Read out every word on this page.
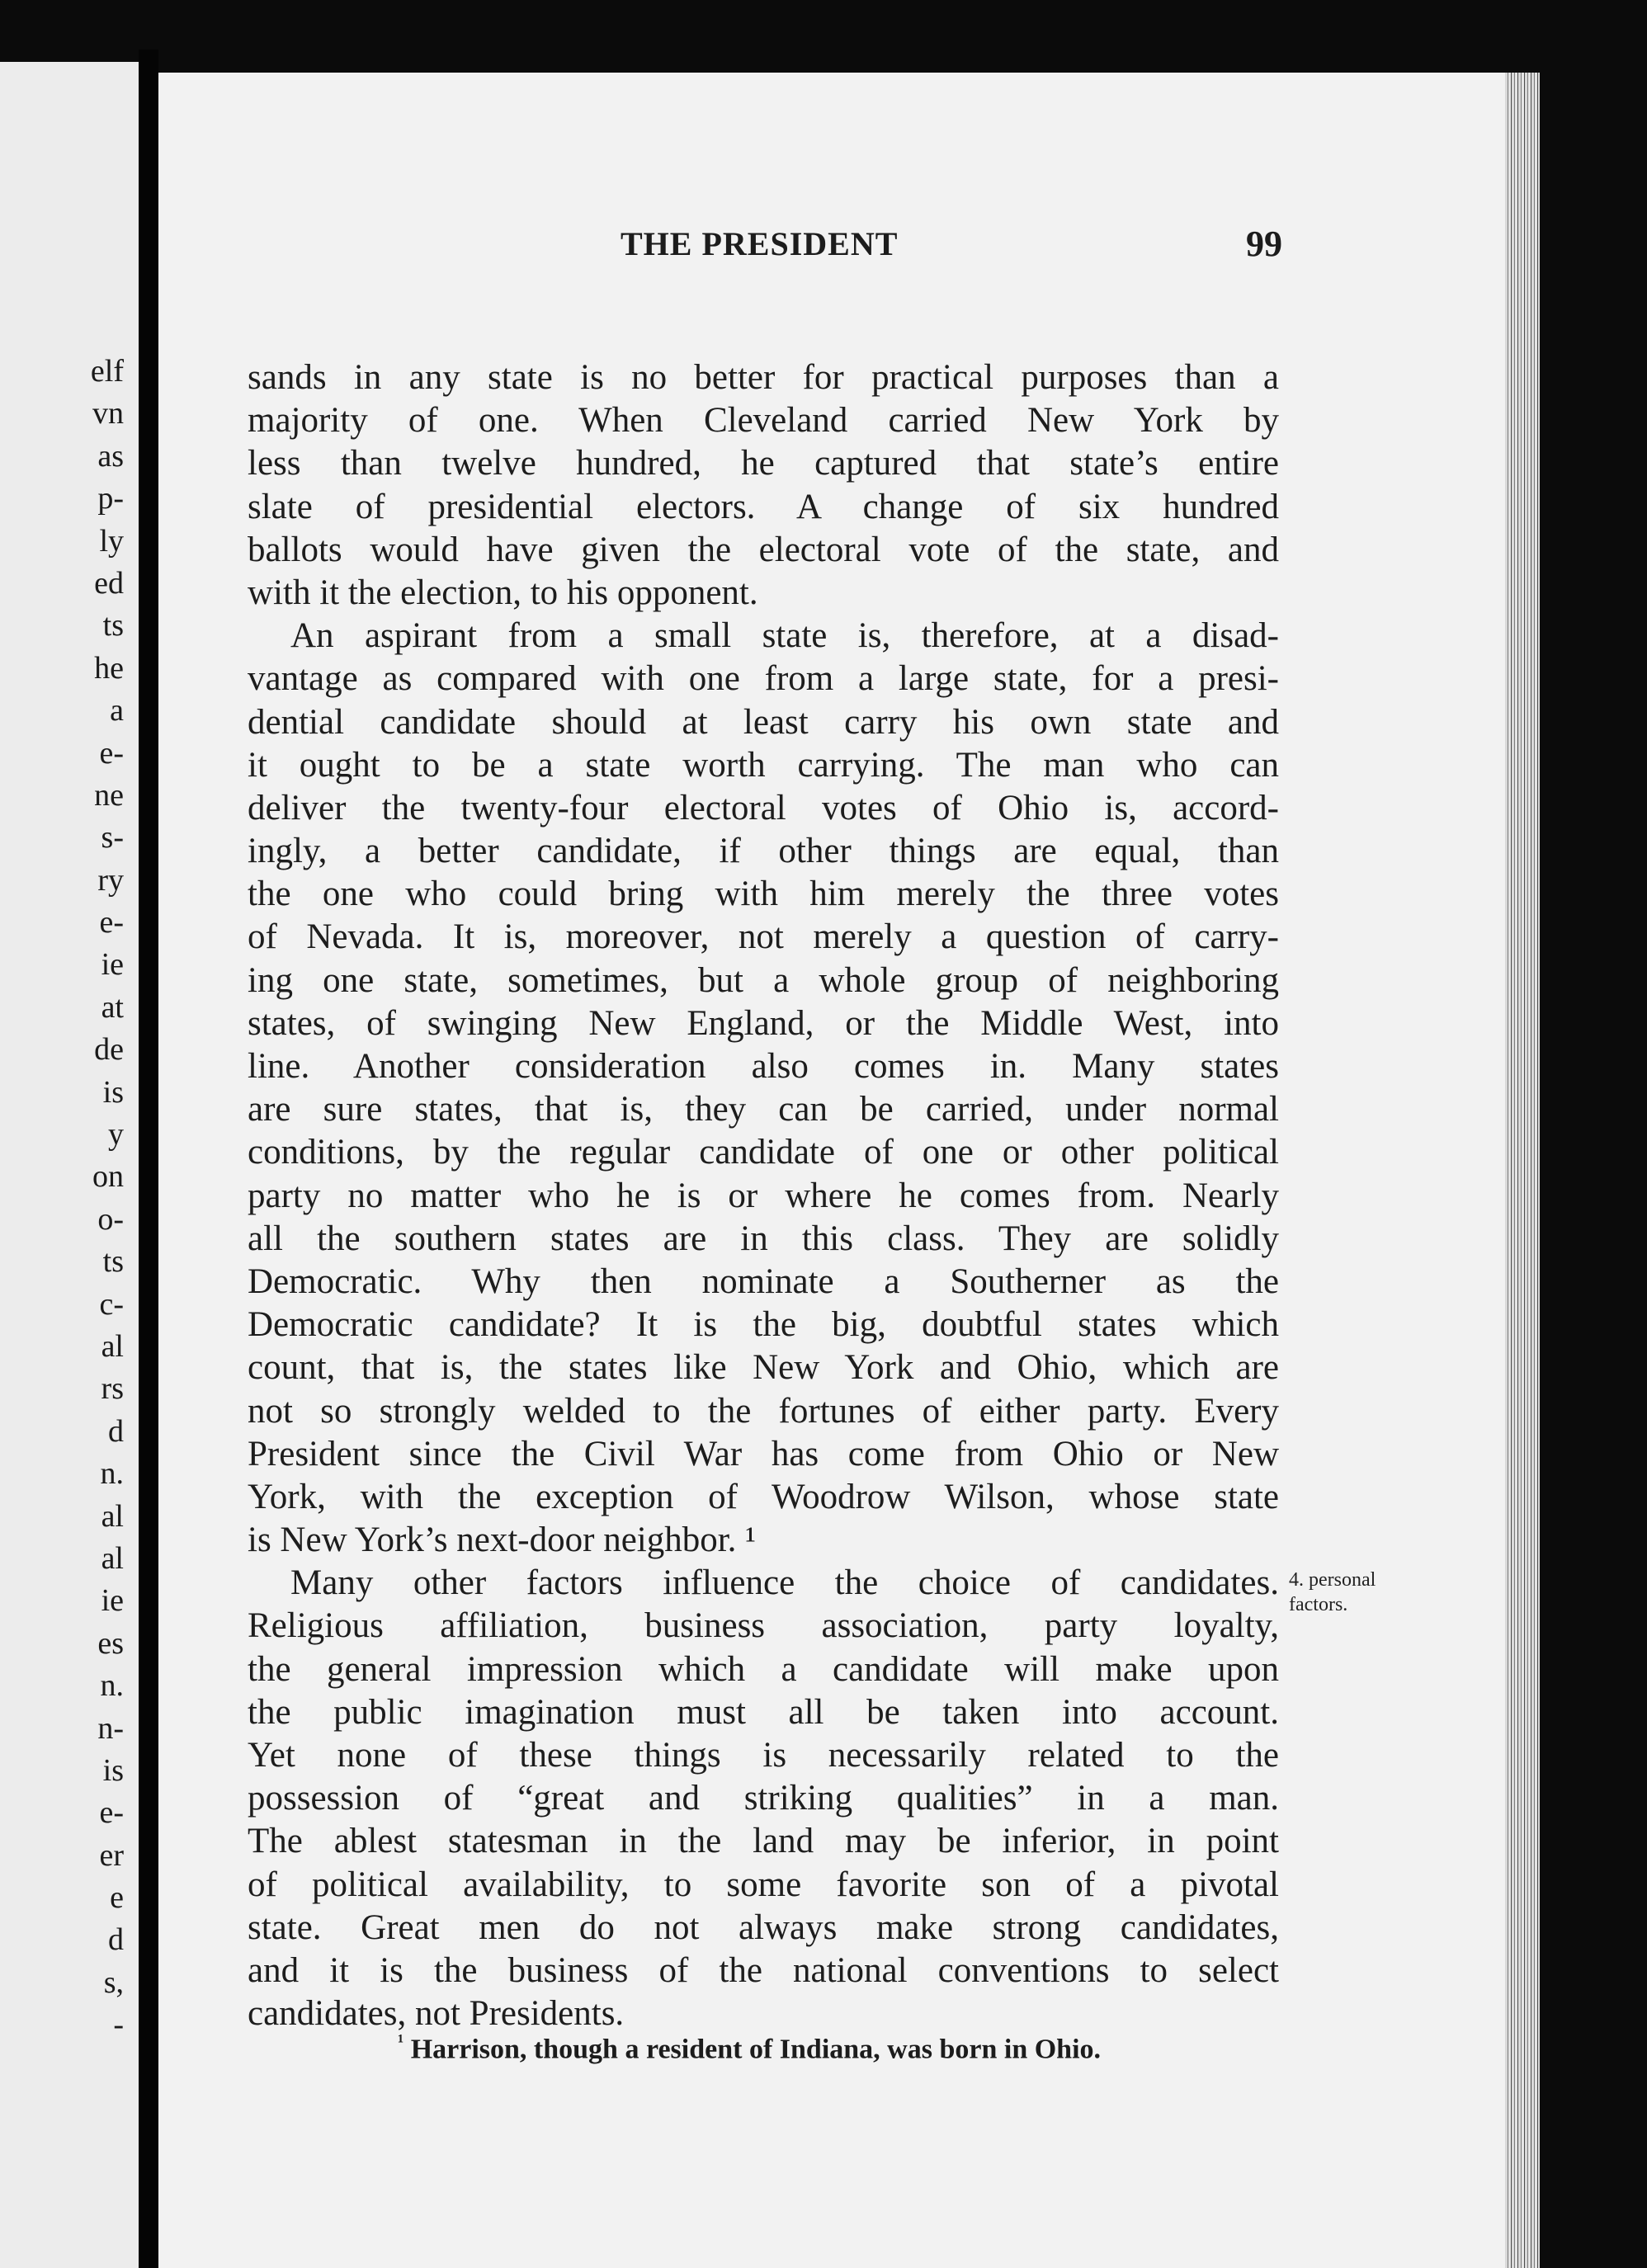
elf
vn
as
p-
ly
ed
ts
he
a
e-
ne
s-
ry
e-
ie
at
de
is
y
on
o-
ts
c-
al
rs
d
n.
al
al
ie
es
n.
n-
is
e-
er
e
d
s,
-
THE PRESIDENT	99
sands in any state is no better for practical purposes than a
majority of one. When Cleveland carried New York by
less than twelve hundred, he captured that state’s entire
slate of presidential electors. A change of six hundred
ballots would have given the electoral vote of the state, and
with it the election, to his opponent.
An aspirant from a small state is, therefore, at a disad-
vantage as compared with one from a large state, for a presi-
dential candidate should at least carry his own state and
it ought to be a state worth carrying. The man who can
deliver the twenty-four electoral votes of Ohio is, accord-
ingly, a better candidate, if other things are equal, than
the one who could bring with him merely the three votes
of Nevada. It is, moreover, not merely a question of carry-
ing one state, sometimes, but a whole group of neighboring
states, of swinging New England, or the Middle West, into
line. Another consideration also comes in. Many states
are sure states, that is, they can be carried, under normal
conditions, by the regular candidate of one or other political
party no matter who he is or where he comes from. Nearly
all the southern states are in this class. They are solidly
Democratic. Why then nominate a Southerner as the
Democratic candidate? It is the big, doubtful states which
count, that is, the states like New York and Ohio, which are
not so strongly welded to the fortunes of either party. Every
President since the Civil War has come from Ohio or New
York, with the exception of Woodrow Wilson, whose state
is New York’s next-door neighbor. ¹
Many other factors influence the choice of candidates.
Religious affiliation, business association, party loyalty,
the general impression which a candidate will make upon
the public imagination must all be taken into account.
Yet none of these things is necessarily related to the
possession of “great and striking qualities” in a man.
The ablest statesman in the land may be inferior, in point
of political availability, to some favorite son of a pivotal
state. Great men do not always make strong candidates,
and it is the business of the national conventions to select
candidates, not Presidents.
4. personal
factors.
$^{^1}$ Harrison, though a resident of Indiana, was born in Ohio.
